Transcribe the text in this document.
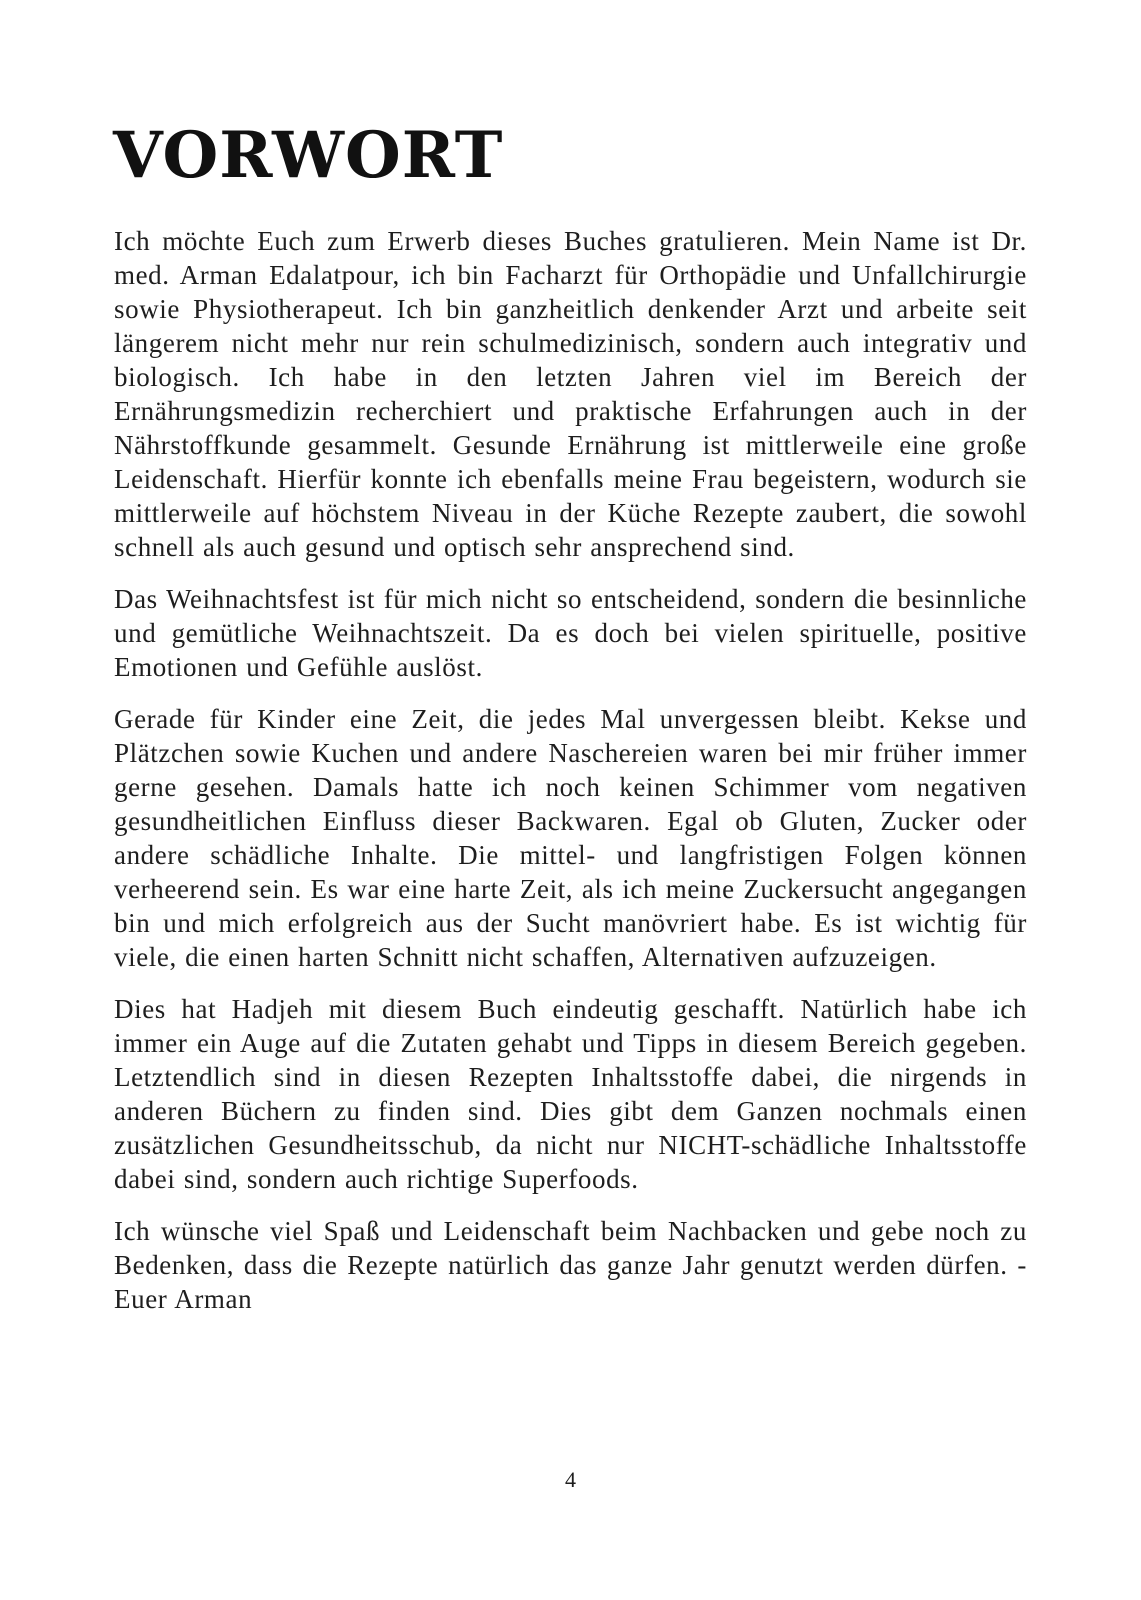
VORWORT

Ich möchte Euch zum Erwerb dieses Buches gratulieren. Mein Name ist Dr. med. Arman Edalatpour, ich bin Facharzt für Orthopädie und Unfallchirurgie sowie Physiotherapeut. Ich bin ganzheitlich denkender Arzt und arbeite seit längerem nicht mehr nur rein schulmedizinisch, sondern auch integrativ und biologisch. Ich habe in den letzten Jahren viel im Bereich der Ernährungsmedizin recherchiert und praktische Erfahrungen auch in der Nährstoffkunde gesammelt. Gesunde Ernährung ist mittlerweile eine große Leidenschaft. Hierfür konnte ich ebenfalls meine Frau begeistern, wodurch sie mittlerweile auf höchstem Niveau in der Küche Rezepte zaubert, die sowohl schnell als auch gesund und optisch sehr ansprechend sind.

Das Weihnachtsfest ist für mich nicht so entscheidend, sondern die besinnliche und gemütliche Weihnachtszeit. Da es doch bei vielen spirituelle, positive Emotionen und Gefühle auslöst.

Gerade für Kinder eine Zeit, die jedes Mal unvergessen bleibt. Kekse und Plätzchen sowie Kuchen und andere Naschereien waren bei mir früher immer gerne gesehen. Damals hatte ich noch keinen Schimmer vom negativen gesundheitlichen Einfluss dieser Backwaren. Egal ob Gluten, Zucker oder andere schädliche Inhalte. Die mittel- und langfristigen Folgen können verheerend sein. Es war eine harte Zeit, als ich meine Zuckersucht angegangen bin und mich erfolgreich aus der Sucht manövriert habe. Es ist wichtig für viele, die einen harten Schnitt nicht schaffen, Alternativen aufzuzeigen.

Dies hat Hadjeh mit diesem Buch eindeutig geschafft. Natürlich habe ich immer ein Auge auf die Zutaten gehabt und Tipps in diesem Bereich gegeben. Letztendlich sind in diesen Rezepten Inhaltsstoffe dabei, die nirgends in anderen Büchern zu finden sind. Dies gibt dem Ganzen nochmals einen zusätzlichen Gesundheitsschub, da nicht nur NICHT-schädliche Inhaltsstoffe dabei sind, sondern auch richtige Superfoods.

Ich wünsche viel Spaß und Leidenschaft beim Nachbacken und gebe noch zu Bedenken, dass die Rezepte natürlich das ganze Jahr genutzt werden dürfen. - Euer Arman

4
